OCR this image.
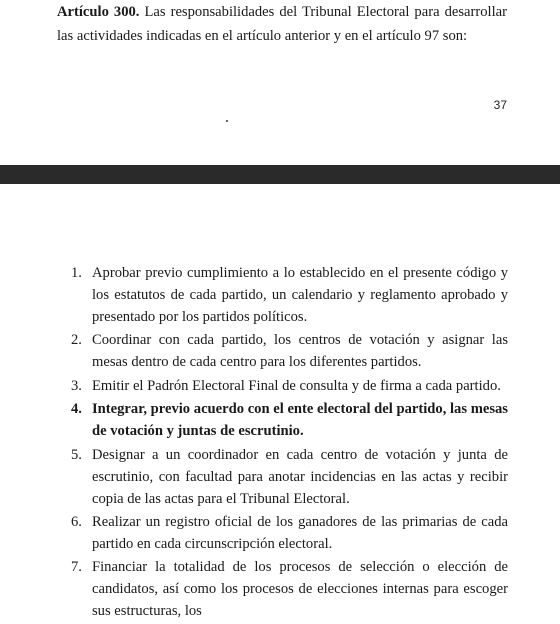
Artículo 300. Las responsabilidades del Tribunal Electoral para desarrollar las actividades indicadas en el artículo anterior y en el artículo 97 son:

37
1. Aprobar previo cumplimiento a lo establecido en el presente código y los estatutos de cada partido, un calendario y reglamento aprobado y presentado por los partidos políticos.
2. Coordinar con cada partido, los centros de votación y asignar las mesas dentro de cada centro para los diferentes partidos.
3. Emitir el Padrón Electoral Final de consulta y de firma a cada partido.
4. Integrar, previo acuerdo con el ente electoral del partido, las mesas de votación y juntas de escrutinio.
5. Designar a un coordinador en cada centro de votación y junta de escrutinio, con facultad para anotar incidencias en las actas y recibir copia de las actas para el Tribunal Electoral.
6. Realizar un registro oficial de los ganadores de las primarias de cada partido en cada circunscripción electoral.
7. Financiar la totalidad de los procesos de selección o elección de candidatos, así como los procesos de elecciones internas para escoger sus estructuras, los
